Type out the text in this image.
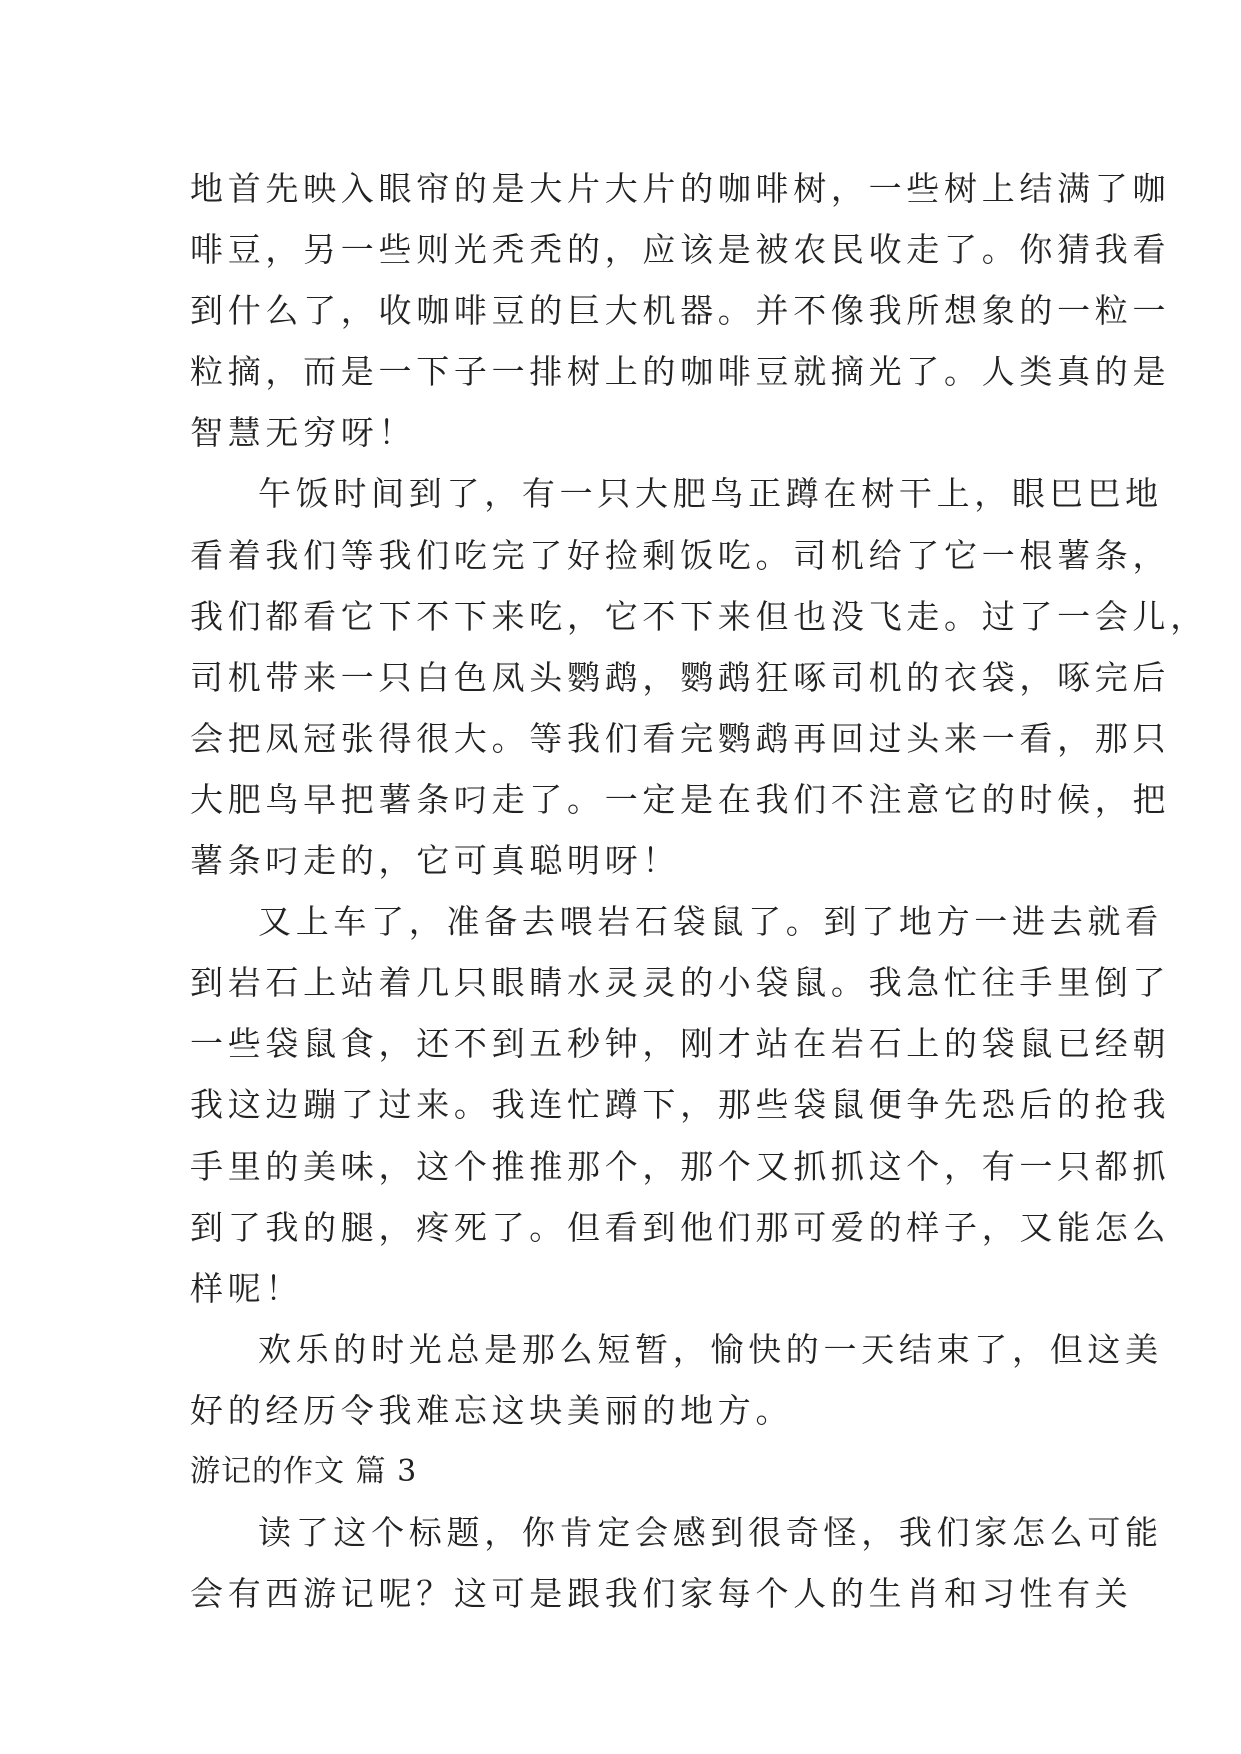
地首先映入眼帘的是大片大片的咖啡树，一些树上结满了咖
啡豆，另一些则光秃秃的，应该是被农民收走了。你猜我看
到什么了，收咖啡豆的巨大机器。并不像我所想象的一粒一
粒摘，而是一下子一排树上的咖啡豆就摘光了。人类真的是
智慧无穷呀！
午饭时间到了，有一只大肥鸟正蹲在树干上，眼巴巴地
看着我们等我们吃完了好捡剩饭吃。司机给了它一根薯条，
我们都看它下不下来吃，它不下来但也没飞走。过了一会儿，
司机带来一只白色凤头鹦鹉，鹦鹉狂啄司机的衣袋，啄完后
会把凤冠张得很大。等我们看完鹦鹉再回过头来一看，那只
大肥鸟早把薯条叼走了。一定是在我们不注意它的时候，把
薯条叼走的，它可真聪明呀！
又上车了，准备去喂岩石袋鼠了。到了地方一进去就看
到岩石上站着几只眼睛水灵灵的小袋鼠。我急忙往手里倒了
一些袋鼠食，还不到五秒钟，刚才站在岩石上的袋鼠已经朝
我这边蹦了过来。我连忙蹲下，那些袋鼠便争先恐后的抢我
手里的美味，这个推推那个，那个又抓抓这个，有一只都抓
到了我的腿，疼死了。但看到他们那可爱的样子，又能怎么
样呢！
欢乐的时光总是那么短暂，愉快的一天结束了，但这美
好的经历令我难忘这块美丽的地方。
游记的作文 篇 3
读了这个标题，你肯定会感到很奇怪，我们家怎么可能
会有西游记呢？这可是跟我们家每个人的生肖和习性有关
